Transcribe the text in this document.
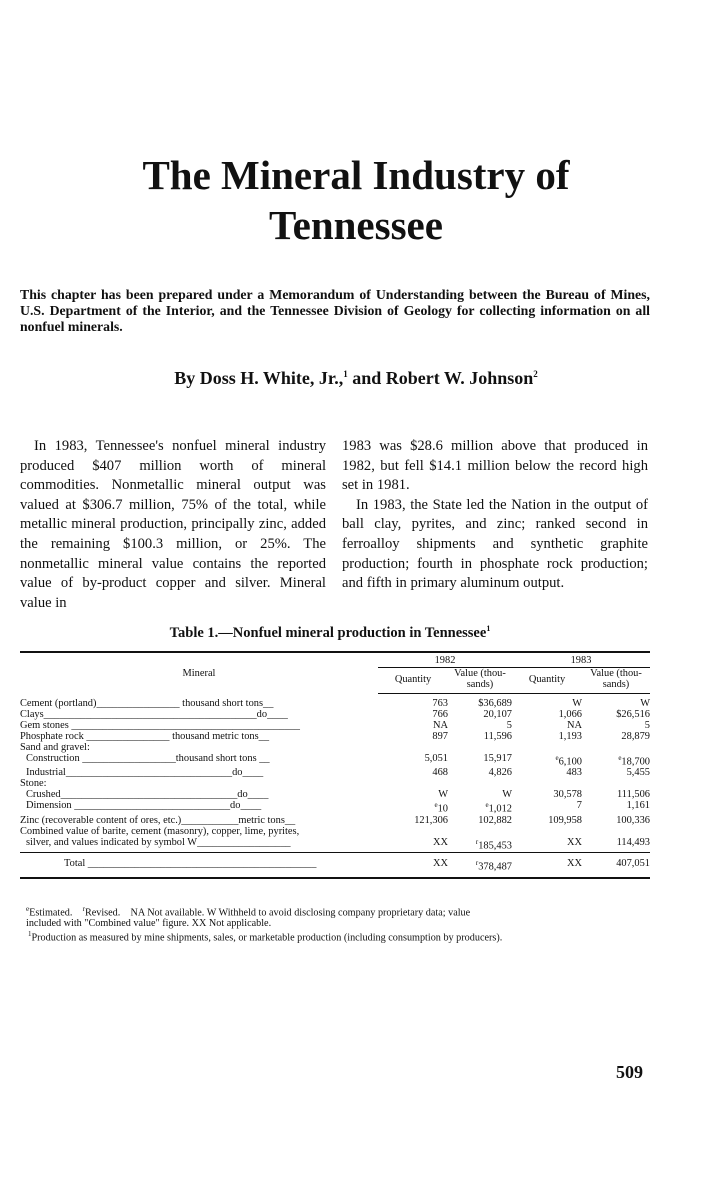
The Mineral Industry of
Tennessee
This chapter has been prepared under a Memorandum of Understanding between the Bureau of Mines, U.S. Department of the Interior, and the Tennessee Division of Geology for collecting information on all nonfuel minerals.
By Doss H. White, Jr.,$^1$ and Robert W. Johnson$^2$

In 1983, Tennessee's nonfuel mineral industry produced $407 million worth of mineral commodities. Nonmetallic mineral output was valued at $306.7 million, 75% of the total, while metallic mineral production, principally zinc, added the remaining $100.3 million, or 25%. The nonmetallic mineral value contains the reported value of by-product copper and silver. Mineral value in

1983 was $28.6 million above that produced in 1982, but fell $14.1 million below the record high set in 1981.

In 1983, the State led the Nation in the output of ball clay, pyrites, and zinc; ranked second in ferroalloy shipments and synthetic graphite production; fourth in phosphate rock production; and fifth in primary aluminum output.

Table 1.—Nonfuel mineral production in Tennessee$^1$
Mineral	1982		1983	
	Quantity	Value (thou- sands)	Quantity	Value (thou- sands)
Cement (portland)________________ thousand short tons__	763	$36,689	W	W
Clays_________________________________________do____	766	20,107	1,066	$26,516
Gem stones ____________________________________________	NA	5	NA	5
Phosphate rock ________________ thousand metric tons__	897	11,596	1,193	28,879
Sand and gravel:				
Construction __________________thousand short tons __	5,051	15,917	$^e$6,100	$^e$18,700
Industrial________________________________do____	468	4,826	483	5,455
Stone:				
Crushed__________________________________do____	W	W	30,578	111,506
Dimension ______________________________do____	$^e$10	$^e$1,012	7	1,161
Zinc (recoverable content of ores, etc.)___________metric tons__	121,306	102,882	109,958	100,336
Combined value of barite, cement (masonry), copper, lime, pyrites,				
silver, and values indicated by symbol W__________________	XX	$^r$185,453	XX	114,493
Total ____________________________________________	XX	$^r$378,487	XX	407,051
$^e$Estimated. $^r$Revised. NA Not available. W Withheld to avoid disclosing company proprietary data; value
included with "Combined value" figure. XX Not applicable.
$^1$Production as measured by mine shipments, sales, or marketable production (including consumption by producers).
509
